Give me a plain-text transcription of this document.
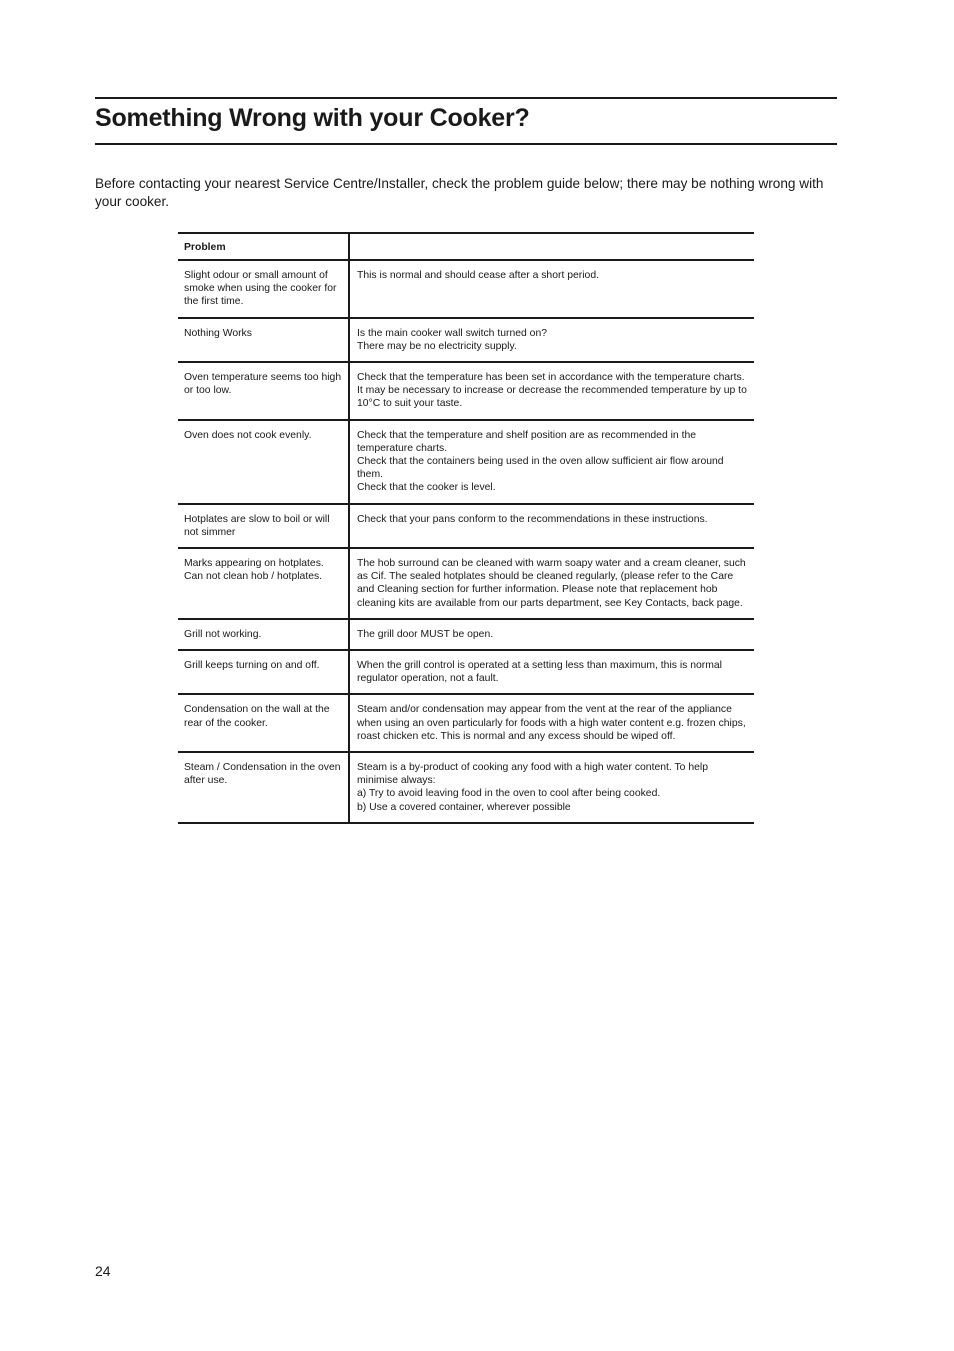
Something Wrong with your Cooker?

Before contacting your nearest Service Centre/Installer, check the problem guide below; there may be nothing wrong with your cooker.

Problem	
Slight odour or small amount of smoke when using the cooker for the first time.	This is normal and should cease after a short period.

Nothing Works	Is the main cooker wall switch turned on?
There may be no electricity supply.

Oven temperature seems too high or too low.	Check that the temperature has been set in accordance with the temperature charts. It may be necessary to increase or decrease the recommended temperature by up to 10°C to suit your taste.

Oven does not cook evenly.	Check that the temperature and shelf position are as recommended in the temperature charts.
Check that the containers being used in the oven allow sufficient air flow around them.
Check that the cooker is level.

Hotplates are slow to boil or will not simmer	Check that your pans conform to the recommendations in these instructions.

Marks appearing on hotplates. Can not clean hob / hotplates.	The hob surround can be cleaned with warm soapy water and a cream cleaner, such as Cif. The sealed hotplates should be cleaned regularly, (please refer to the Care and Cleaning section for further information. Please note that replacement hob cleaning kits are available from our parts department, see Key Contacts, back page.

Grill not working.	The grill door MUST be open.

Grill keeps turning on and off.	When the grill control is operated at a setting less than maximum, this is normal regulator operation, not a fault.

Condensation on the wall at the rear of the cooker.	Steam and/or condensation may appear from the vent at the rear of the appliance when using an oven particularly for foods with a high water content e.g. frozen chips, roast chicken etc. This is normal and any excess should be wiped off.

Steam / Condensation in the oven after use.	Steam is a by-product of cooking any food with a high water content. To help minimise always:
a) Try to avoid leaving food in the oven to cool after being cooked.
b) Use a covered container, wherever possible

24
